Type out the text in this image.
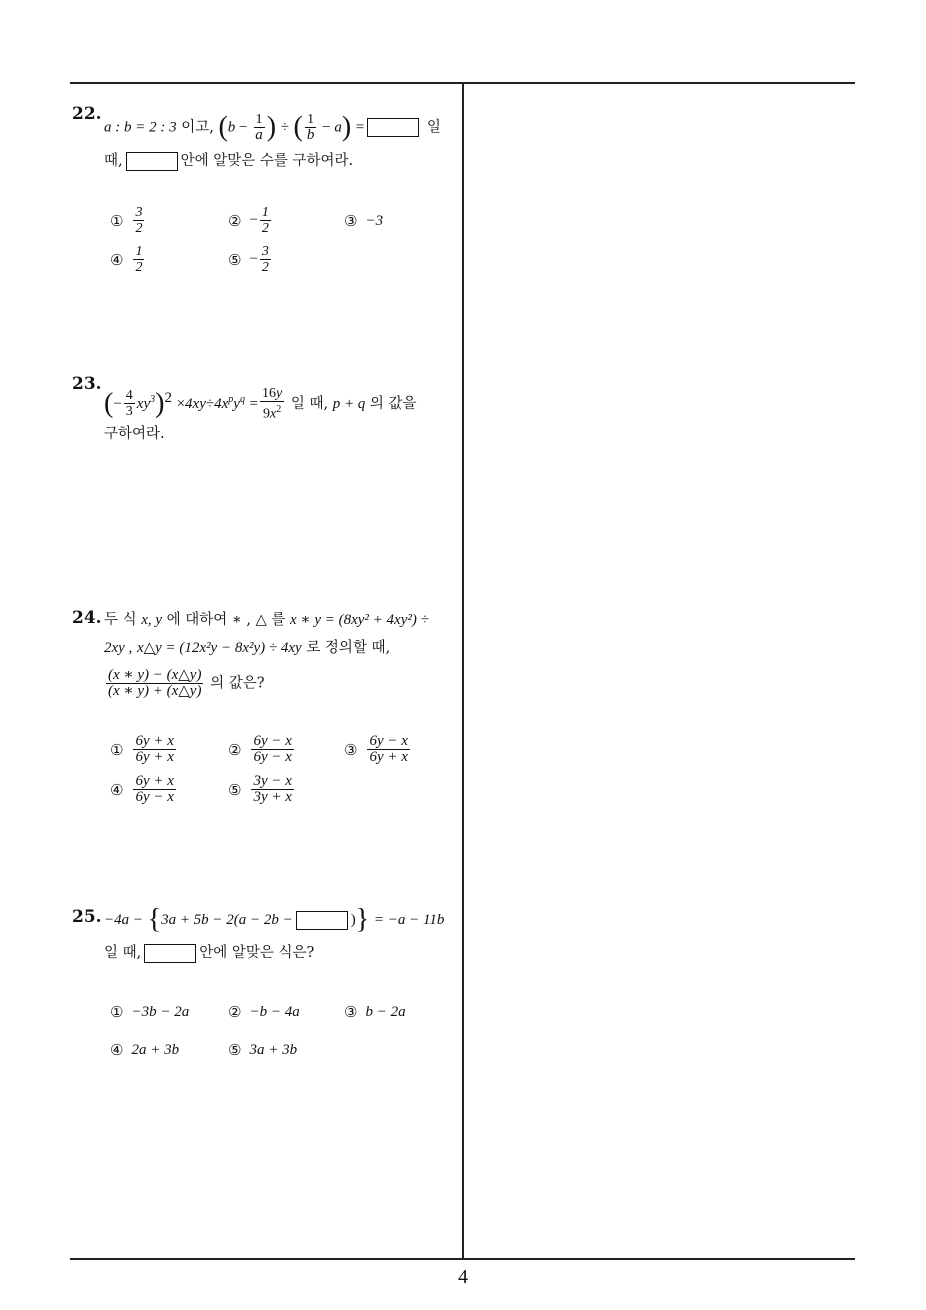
22.
a : b = 2 : 3 이고, ($b - \frac{1}{a}$ ) ÷ ( $\frac{1}{b} - a$) =	일
때,	안에 알맞은 수를 구하여라.
① $\frac{3}{2}$	② − $\frac{1}{2}$	③ −3
④ $\frac{1}{2}$	⑤ − $\frac{3}{2}$
23.
(− $\frac{4}{3} xy^3)^2 \times 4xy\div 4x^py^q = \frac{16y}{9x^2}$ 일 때, p + q 의 값을
구하여라.
24. 두 식 x, y 에 대하여 ∗ , △ 를 x ∗ y = (8xy² + 4xy²) ÷
2xy , x△y = (12x²y − 8x²y) ÷ 4xy 로 정의할 때,
$\frac{(x ∗ y) - (x\triangle y)}{(x ∗ y) + (x\triangle y)}$ 의 값은?
① $\frac{6y + x}{6y + x}$	② $\frac{6y - x}{6y - x}$	③ $\frac{6y - x}{6y + x}$
④ $\frac{6y + x}{6y - x}$	⑤ $\frac{3y - x}{3y + x}$
25. −4a − {3a + 5b − 2(a − 2b −	)} = −a − 11b
일 때,	안에 알맞은 식은?
① −3b − 2a	② −b − 4a	③ b − 2a
④ 2a + 3b	⑤ 3a + 3b
4
